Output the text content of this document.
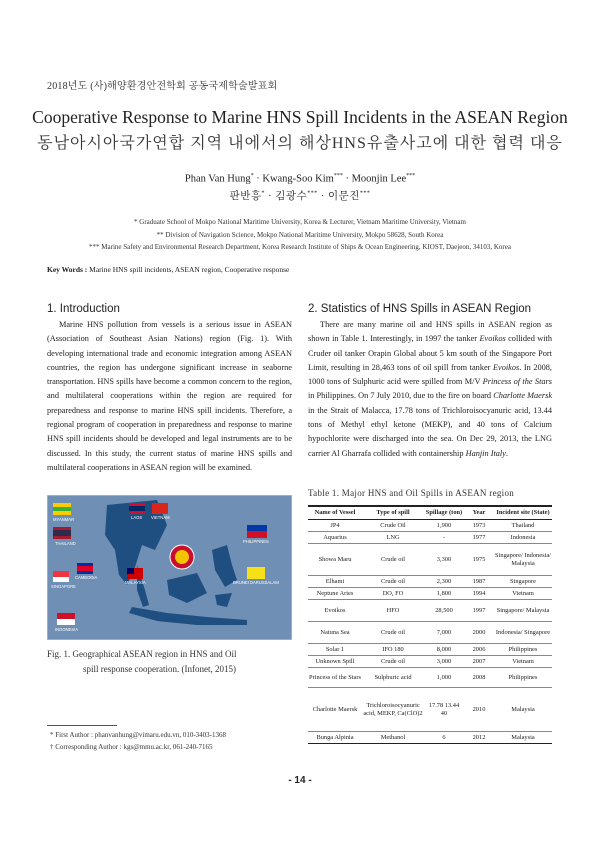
2018년도 (사)해양환경안전학회 공동국제학술발표회
Cooperative Response to Marine HNS Spill Incidents in the ASEAN Region
동남아시아국가연합 지역 내에서의 해상HNS유출사고에 대한 협력 대응
Phan Van Hung* · Kwang-Soo Kim*** · Moonjin Lee***
판반흥* · 김광수*** · 이문진***
* Graduate School of Mokpo National Maritime University, Korea & Lecturer, Vietnam Maritime University, Vietnam
** Division of Navigation Science, Mokpo National Maritime University, Mokpo 58628, South Korea
*** Marine Safety and Environmental Research Department, Korea Research Institute of Ships & Ocean Engineering, KIOST, Daejeon, 34103, Korea
Key Words : Marine HNS spill incidents, ASEAN region, Cooperative response
1. Introduction
Marine HNS pollution from vessels is a serious issue in ASEAN (Association of Southeast Asian Nations) region (Fig. 1). With developing international trade and economic integration among ASEAN countries, the region has undergone significant increase in seaborne transportation. HNS spills have become a common concern to the region, and multilateral cooperations within the region are required for preparedness and response to marine HNS spill incidents. Therefore, a regional program of cooperation in preparedness and response to marine HNS spill incidents should be developed and legal instruments are to be discussed. In this study, the current status of marine HNS spills and multilateral cooperations in ASEAN region will be examined.
2. Statistics of HNS Spills in ASEAN Region
There are many marine oil and HNS spills in ASEAN region as shown in Table 1. Interestingly, in 1997 the tanker Evoikos collided with Cruder oil tanker Orapin Global about 5 km south of the Singapore Port Limit, resulting in 28,463 tons of oil spill from tanker Evoikos. In 2008, 1000 tons of Sulphuric acid were spilled from M/V Princess of the Stars in Philippines. On 7 July 2010, due to the fire on board Charlotte Maersk in the Strait of Malacca, 17.78 tons of Trichloroisocyanuric acid, 13.44 tons of Methyl ethyl ketone (MEKP), and 40 tons of Calcium hypochlorite were discharged into the sea. On Dec 29, 2013, the LNG carrier Al Gharrafa collided with containership Hanjin Italy.
MYANMAR	LAOS VIETNAM
THAILAND	PHILIPPINES
CAMBODIA
BRUNEI DARUSSALAM
MALAYSIA
SINGAPORE
INDONESIA
Fig. 1. Geographical ASEAN region in HNS and Oil
spill response cooperation. (Infonet, 2015)
* First Author : phanvanhung@vimaru.edu.vn, 010-3403-1368
† Corresponding Author : kgs@mmu.ac.kr, 061-240-7165
Table 1. Major HNS and Oil Spills in ASEAN region
Name of Vessel	Type of spill	Spillage (ton)	Year	Incident site (State)
JP4	Crude Oil	1,900	1973	Thailand
Aquarius	LNG	-	1977	Indonesia
Showa Maru	Crude oil	3,300	1975	Singapore/ Indonesia/ Malaysia
Elhami	Crude oil	2,300	1987	Singapore
Neptune Aries	DO, FO	1,800	1994	Vietnam
Evoikos	HFO	28,500	1997	Singapore/ Malaysia
Natuna Sea	Crude oil	7,000	2000	Indonesia/ Singapore
Solar 1	IFO 180	8,000	2006	Philippines
Unknown Spill	Crude oil	3,000	2007	Vietnam
Princess of the Stars	Sulphuric acid	1,000	2008	Philippines
Charlotte Maersk	Trichloroisocyanuric acid, MEKP, Ca(ClO)2	17.78 13.44 40	2010	Malaysia
Bunga Alpinia	Methanol	6	2012	Malaysia
- 14 -
